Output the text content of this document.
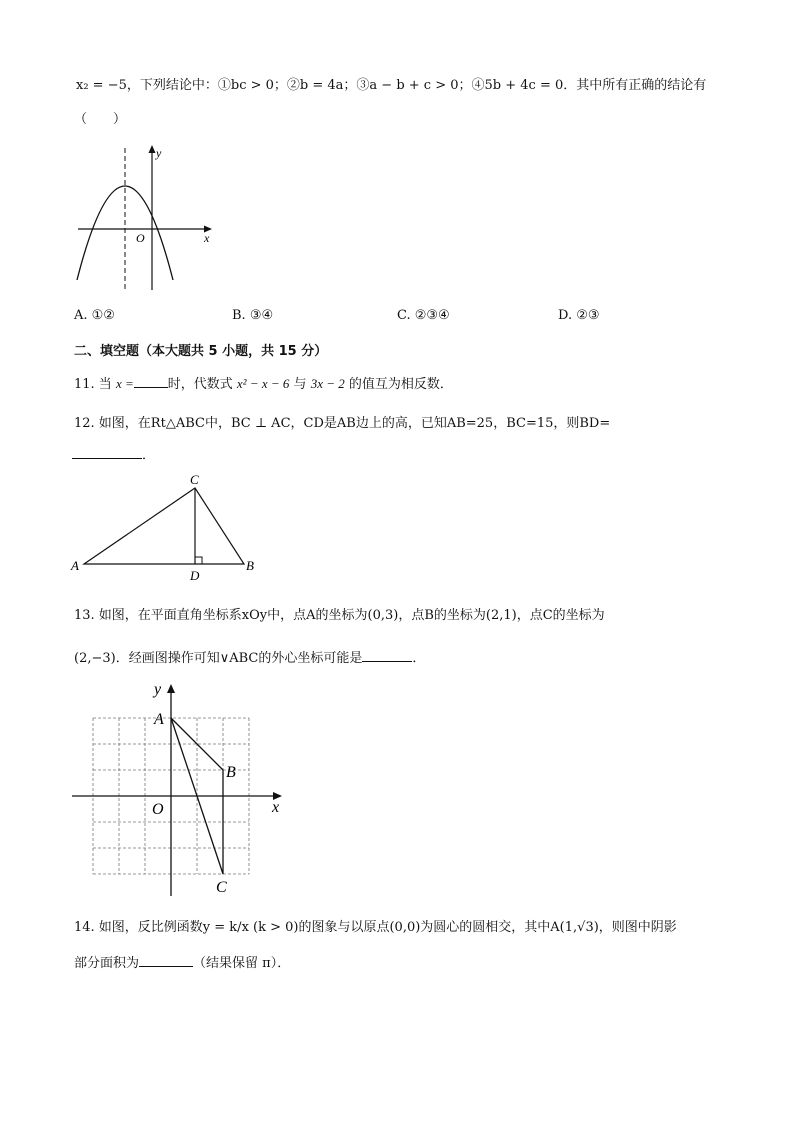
x₂ = −5，下列结论中：①bc > 0；②b = 4a；③a − b + c > 0；④5b + 4c = 0．其中所有正确的结论有
（　　）
x
y
O
A. ①②	B. ③④	C. ②③④	D. ②③
二、填空题（本大题共 5 小题，共 15 分）
11. 当 x =	时，代数式 x² − x − 6 与 3x − 2 的值互为相反数．
12. 如图，在Rt△ABC中，BC ⊥ AC，CD是AB边上的高，已知AB=25，BC=15，则BD=
．
A
C
D
B
13. 如图，在平面直角坐标系xOy中，点A的坐标为(0,3)，点B的坐标为(2,1)，点C的坐标为
(2,−3)．经画图操作可知∨ABC的外心坐标可能是	．
y
x
O
A
B
C
14. 如图，反比例函数y = k/x (k > 0)的图象与以原点(0,0)为圆心的圆相交，其中A(1,√3)，则图中阴影
部分面积为	（结果保留 π）．
